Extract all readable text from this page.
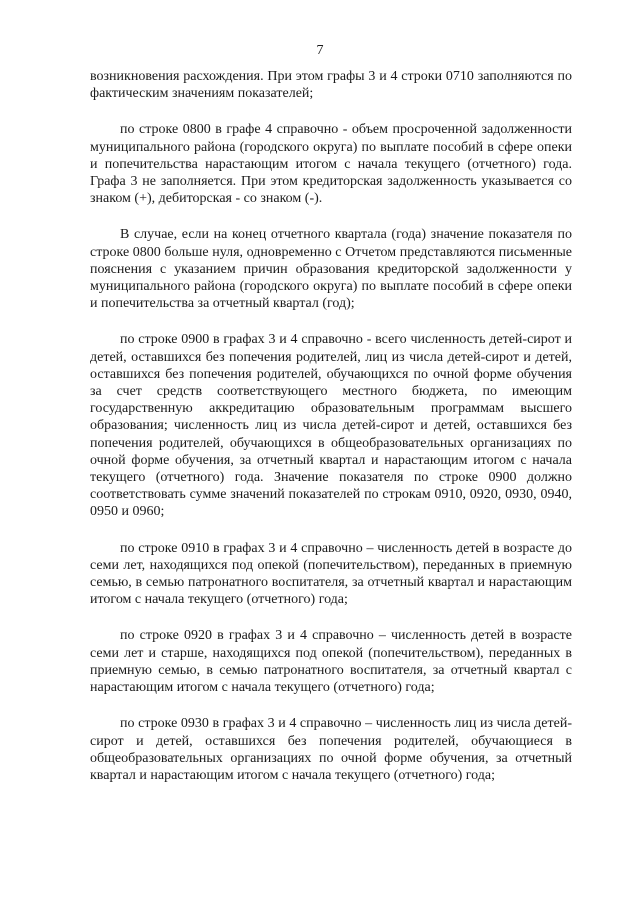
7

возникновения расхождения. При этом графы 3 и 4 строки 0710 заполняются по фактическим значениям показателей;

по строке 0800 в графе 4 справочно - объем просроченной задолженности муниципального района (городского округа) по выплате пособий в сфере опеки и попечительства нарастающим итогом с начала текущего (отчетного) года. Графа 3 не заполняется. При этом кредиторская задолженность указывается со знаком (+), дебиторская - со знаком (-).

В случае, если на конец отчетного квартала (года) значение показателя по строке 0800 больше нуля, одновременно с Отчетом представляются письменные пояснения с указанием причин образования кредиторской задолженности у муниципального района (городского округа) по выплате пособий в сфере опеки и попечительства за отчетный квартал (год);

по строке 0900 в графах 3 и 4 справочно - всего численность детей-сирот и детей, оставшихся без попечения родителей, лиц из числа детей-сирот и детей, оставшихся без попечения родителей, обучающихся по очной форме обучения за счет средств соответствующего местного бюджета, по имеющим государственную аккредитацию образовательным программам высшего образования; численность лиц из числа детей-сирот и детей, оставшихся без попечения родителей, обучающихся в общеобразовательных организациях по очной форме обучения, за отчетный квартал и нарастающим итогом с начала текущего (отчетного) года. Значение показателя по строке 0900 должно соответствовать сумме значений показателей по строкам 0910, 0920, 0930, 0940, 0950 и 0960;

по строке 0910 в графах 3 и 4 справочно – численность детей в возрасте до семи лет, находящихся под опекой (попечительством), переданных в приемную семью, в семью патронатного воспитателя, за отчетный квартал и нарастающим итогом с начала текущего (отчетного) года;

по строке 0920 в графах 3 и 4 справочно – численность детей в возрасте семи лет и старше, находящихся под опекой (попечительством), переданных в приемную семью, в семью патронатного воспитателя, за отчетный квартал с нарастающим итогом с начала текущего (отчетного) года;

по строке 0930 в графах 3 и 4 справочно – численность лиц из числа детей-сирот и детей, оставшихся без попечения родителей, обучающиеся в общеобразовательных организациях по очной форме обучения, за отчетный квартал и нарастающим итогом с начала текущего (отчетного) года;
